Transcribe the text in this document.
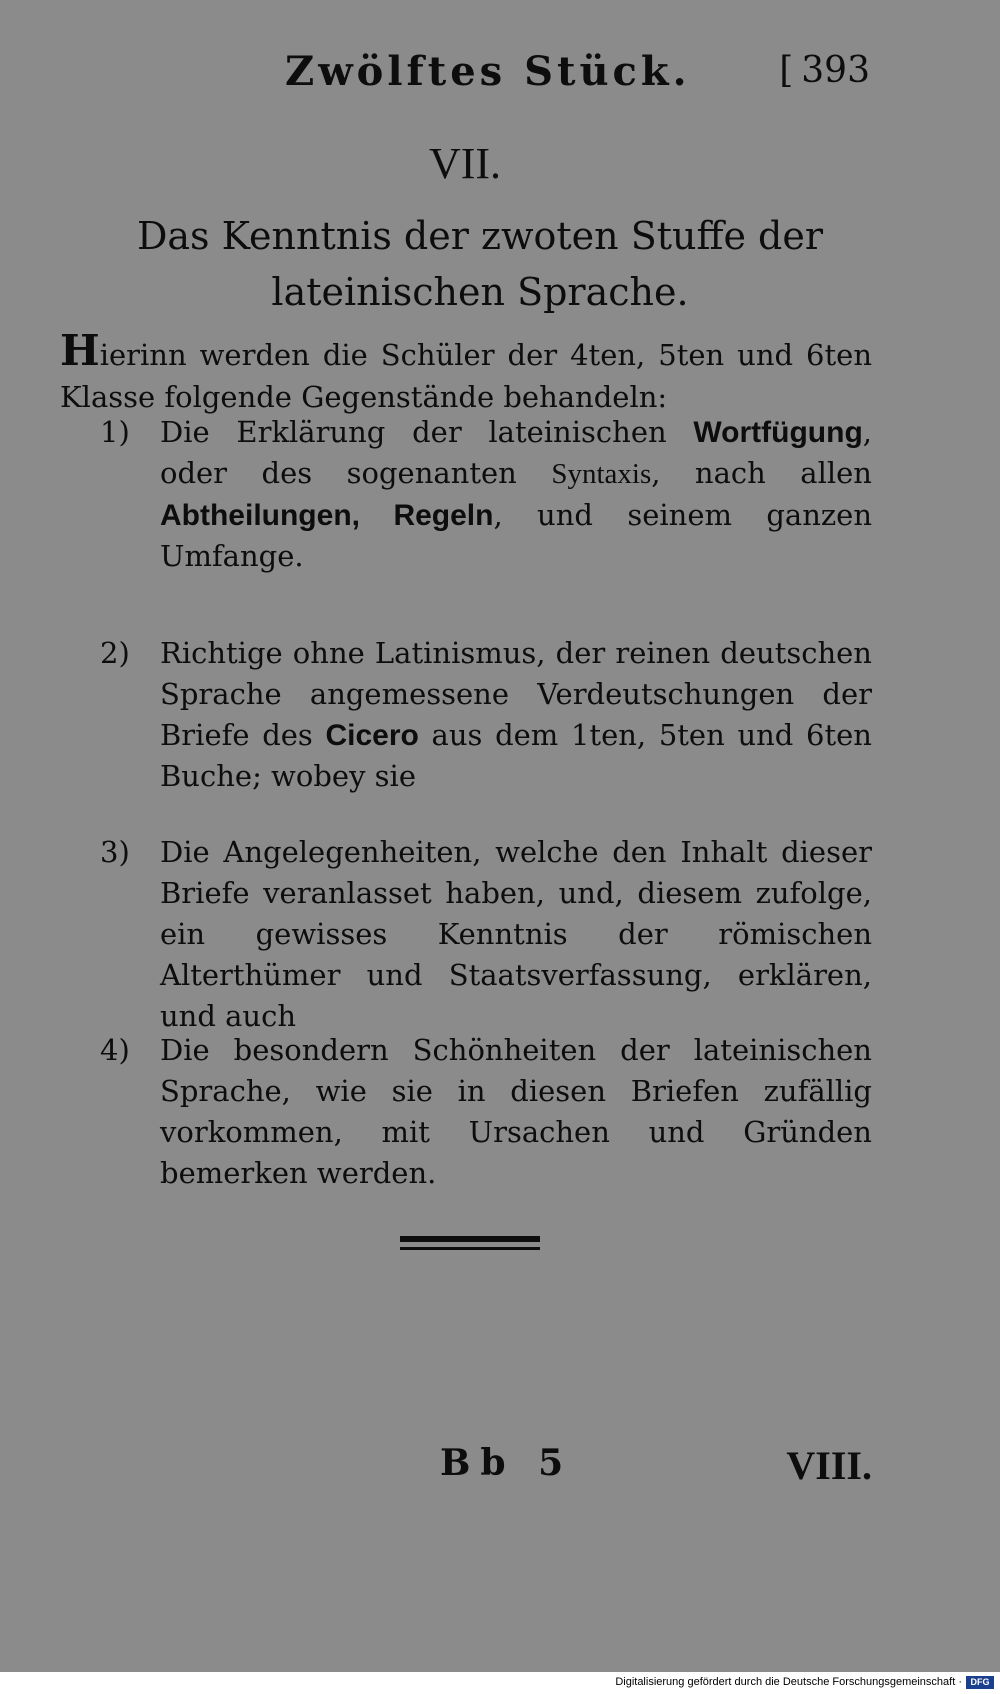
Zwölftes Stück. [ 393
VII.
Das Kenntnis der zwoten Stuffe der
lateinischen Sprache.
Hierinn werden die Schüler der 4ten, 5ten und 6ten Klasse folgende Gegenstände behandeln:
1)	Die Erklärung der lateinischen Wortfügung, oder des sogenanten Syntaxis, nach allen Abtheilungen, Regeln, und seinem ganzen Umfange.
2)	Richtige ohne Latinismus, der reinen deutschen Sprache angemessene Verdeutschungen der Briefe des Cicero aus dem 1ten, 5ten und 6ten Buche; wobey sie
3)	Die Angelegenheiten, welche den Inhalt dieser Briefe veranlasset haben, und, diesem zufolge, ein gewisses Kenntnis der römischen Alterthümer und Staatsverfassung, erklären, und auch
4)	Die besondern Schönheiten der lateinischen Sprache, wie sie in diesen Briefen zufällig vorkommen, mit Ursachen und Gründen bemerken werden.
Bb 5	VIII.
Digitalisierung gefördert durch die Deutsche Forschungsgemeinschaft · DFG
